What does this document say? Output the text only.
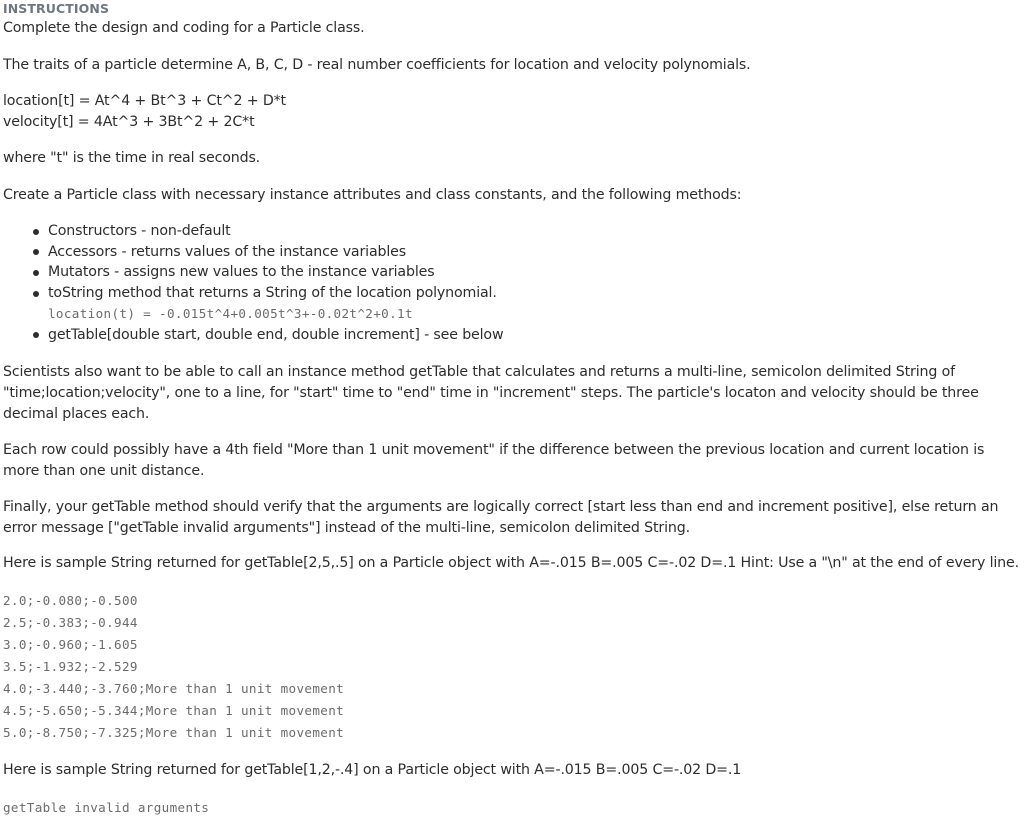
INSTRUCTIONS
Complete the design and coding for a Particle class.
The traits of a particle determine A, B, C, D - real number coefficients for location and velocity polynomials.
location[t] = At^4 + Bt^3 + Ct^2 + D*t
velocity[t] = 4At^3 + 3Bt^2 + 2C*t
where "t" is the time in real seconds.
Create a Particle class with necessary instance attributes and class constants, and the following methods:
Constructors - non-default
Accessors - returns values of the instance variables
Mutators - assigns new values to the instance variables
toString method that returns a String of the location polynomial.
location(t) = -0.015t^4+0.005t^3+-0.02t^2+0.1t
getTable[double start, double end, double increment] - see below
Scientists also want to be able to call an instance method getTable that calculates and returns a multi-line, semicolon delimited String of "time;location;velocity", one to a line, for "start" time to "end" time in "increment" steps. The particle's locaton and velocity should be three decimal places each.
Each row could possibly have a 4th field "More than 1 unit movement" if the difference between the previous location and current location is more than one unit distance.
Finally, your getTable method should verify that the arguments are logically correct [start less than end and increment positive], else return an error message ["getTable invalid arguments"] instead of the multi-line, semicolon delimited String.
Here is sample String returned for getTable[2,5,.5] on a Particle object with A=-.015 B=.005 C=-.02 D=.1 Hint: Use a "\n" at the end of every line.
2.0;-0.080;-0.500
2.5;-0.383;-0.944
3.0;-0.960;-1.605
3.5;-1.932;-2.529
4.0;-3.440;-3.760;More than 1 unit movement
4.5;-5.650;-5.344;More than 1 unit movement
5.0;-8.750;-7.325;More than 1 unit movement
Here is sample String returned for getTable[1,2,-.4] on a Particle object with A=-.015 B=.005 C=-.02 D=.1
getTable invalid arguments
